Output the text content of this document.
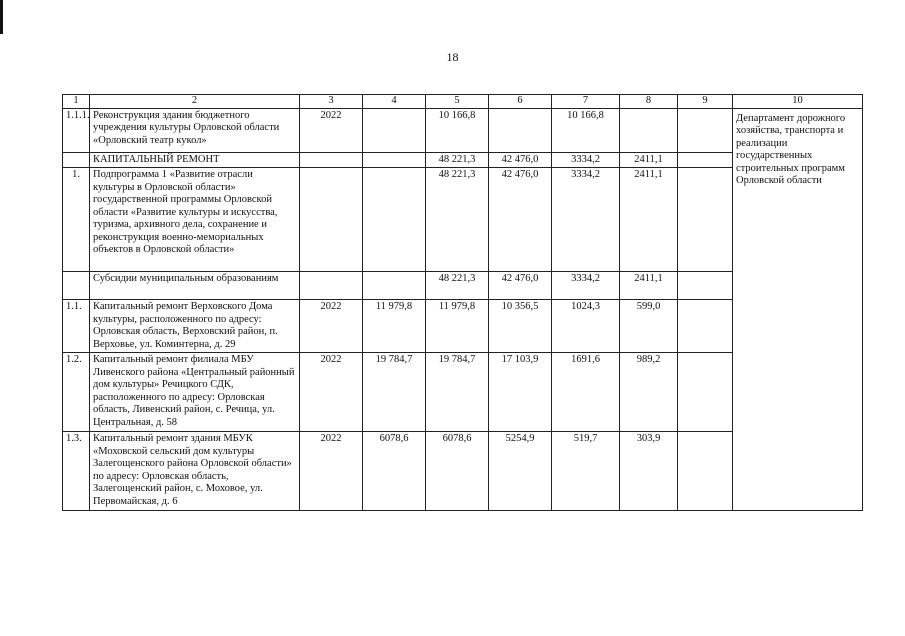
18
1	2	3	4	5	6	7	8	9	10
1.1.1.	Реконструкция здания бюджетного учреждения культуры Орловской области «Орловский театр кукол»	2022		10 166,8		10 166,8			Департамент дорожного хозяйства, транспорта и реализации государственных строительных программ Орловской области
	КАПИТАЛЬНЫЙ РЕМОНТ			48 221,3	42 476,0	3334,2	2411,1		
1.	Подпрограмма 1 «Развитие отрасли культуры в Орловской области» государственной программы Орловской области «Развитие культуры и искусства, туризма, архивного дела, сохранение и реконструкция военно-мемориальных объектов в Орловской области»			48 221,3	42 476,0	3334,2	2411,1		
	Субсидии муниципальным образованиям			48 221,3	42 476,0	3334,2	2411,1		
1.1.	Капитальный ремонт Верховского Дома культуры, расположенного по адресу: Орловская область, Верховский район, п. Верховье, ул. Коминтерна, д. 29	2022	11 979,8	11 979,8	10 356,5	1024,3	599,0		
1.2.	Капитальный ремонт филиала МБУ Ливенского района «Центральный районный дом культуры» Речицкого СДК, расположенного по адресу: Орловская область, Ливенский район, с. Речица, ул. Центральная, д. 58	2022	19 784,7	19 784,7	17 103,9	1691,6	989,2		
1.3.	Капитальный ремонт здания МБУК «Моховской сельский дом культуры Залегощенского района Орловской области» по адресу: Орловская область, Залегощенский район, с. Моховое, ул. Первомайская, д. 6	2022	6078,6	6078,6	5254,9	519,7	303,9		
